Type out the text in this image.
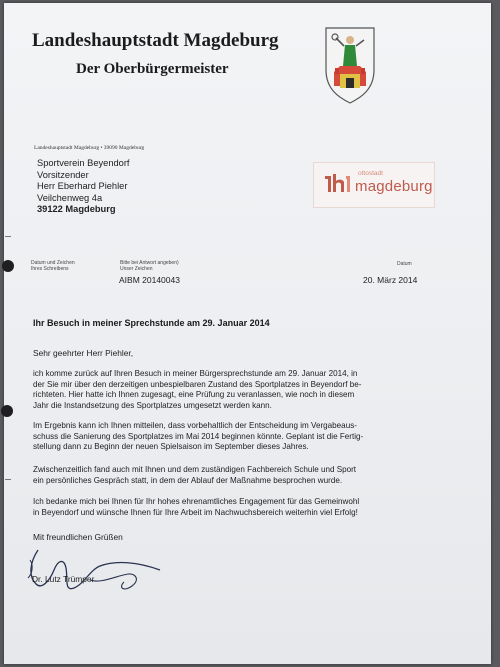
Landeshauptstadt Magdeburg
Der Oberbürgermeister
Landeshauptstadt Magdeburg • 39090 Magdeburg
Sportverein Beyendorf
Vorsitzender
Herr Eberhard Piehler
Veilchenweg 4a
39122 Magdeburg
ottostadt
magdeburg
Datum und Zeichen
Ihres Schreibens
Bitte bei Antwort angeben)
Unser Zeichen
Datum
AIBM 20140043	20. März 2014
Ihr Besuch in meiner Sprechstunde am 29. Januar 2014
Sehr geehrter Herr Piehler,
ich komme zurück auf Ihren Besuch in meiner Bürgersprechstunde am 29. Januar 2014, in
der Sie mir über den derzeitigen unbespielbaren Zustand des Sportplatzes in Beyendorf be-
richteten. Hier hatte ich Ihnen zugesagt, eine Prüfung zu veranlassen, wie noch in diesem
Jahr die Instandsetzung des Sportplatzes umgesetzt werden kann.
Im Ergebnis kann ich Ihnen mitteilen, dass vorbehaltlich der Entscheidung im Vergabeaus-
schuss die Sanierung des Sportplatzes im Mai 2014 beginnen könnte. Geplant ist die Fertig-
stellung dann zu Beginn der neuen Spielsaison im September dieses Jahres.
Zwischenzeitlich fand auch mit Ihnen und dem zuständigen Fachbereich Schule und Sport
ein persönliches Gespräch statt, in dem der Ablauf der Maßnahme besprochen wurde.
Ich bedanke mich bei Ihnen für Ihr hohes ehrenamtliches Engagement für das Gemeinwohl
in Beyendorf und wünsche Ihnen für Ihre Arbeit im Nachwuchsbereich weiterhin viel Erfolg!
Mit freundlichen Grüßen
Dr. Lutz Trümper
